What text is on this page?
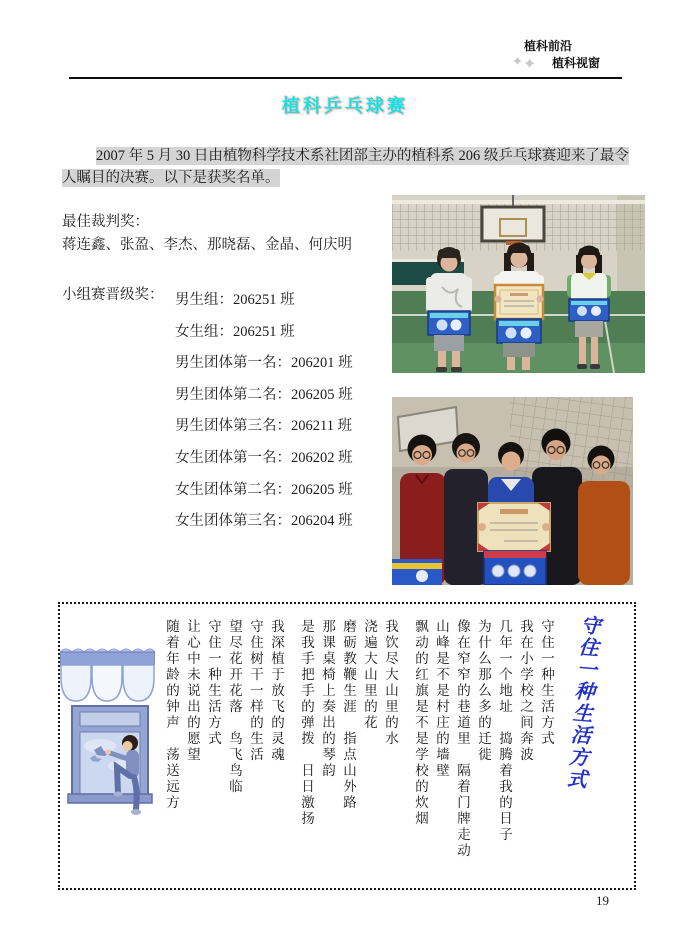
植科前沿
✦ ✦ 植科视窗
植科乒乓球赛

2007 年 5 月 30 日由植物科学技术系社团部主办的植科系 206 级乒乓球赛迎来了最令人瞩目的决赛。以下是获奖名单。

最佳裁判奖：
蒋连鑫、张盈、李杰、那晓磊、金晶、何庆明
小组赛晋级奖： 男生组：206251 班
女生组：206251 班
男生团体第一名：206201 班
男生团体第二名：206205 班
男生团体第三名：206211 班
女生团体第一名：206202 班
女生团体第二名：206205 班
女生团体第三名：206204 班
守住一种生活方式
我在小学校之间奔波
几年一个地址　捣腾着我的日子
为什么那么多的迁徙
像在窄窄的巷道里　隔着门牌走动
山峰是不是村庄的墙壁
飘动的红旗是不是学校的炊烟
我饮尽大山里的水
浇遍大山里的花
磨砺教鞭生涯　指点山外路
那课桌椅上奏出的琴韵
是我手把手的弹拨　日日激扬
我深植于放飞的灵魂
守住树干一样的生活
望尽花开花落　鸟飞鸟临
守住一种生活方式
让心中未说出的愿望
随着年龄的钟声　荡送远方	守住一种生活方式
19
